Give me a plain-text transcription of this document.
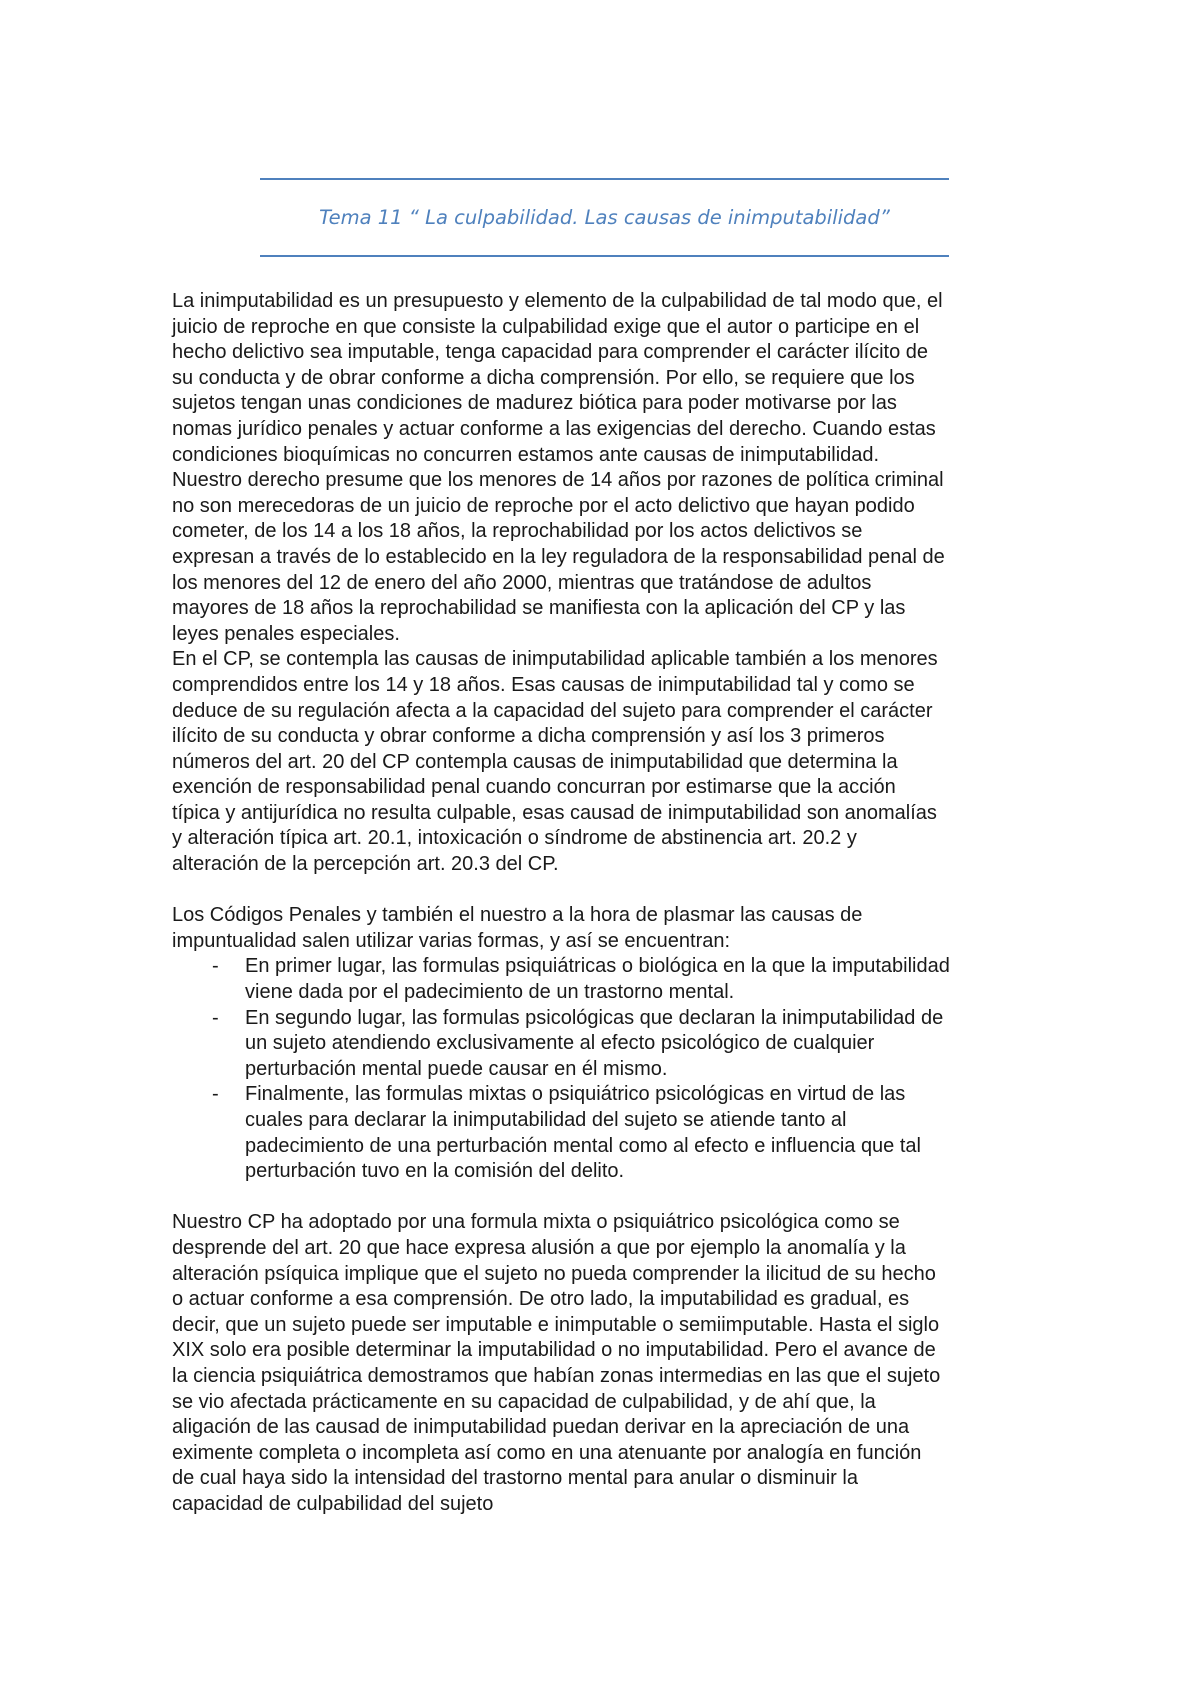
Tema 11 “ La culpabilidad. Las causas de inimputabilidad”

La inimputabilidad es un presupuesto y elemento de la culpabilidad de tal modo que, el
juicio de reproche en que consiste la culpabilidad exige que el autor o participe en el
hecho delictivo sea imputable, tenga capacidad para comprender el carácter ilícito de
su conducta y de obrar conforme a dicha comprensión. Por ello, se requiere que los
sujetos tengan unas condiciones de madurez biótica para poder motivarse por las
nomas jurídico penales y actuar conforme a las exigencias del derecho. Cuando estas
condiciones bioquímicas no concurren estamos ante causas de inimputabilidad.
Nuestro derecho presume que los menores de 14 años por razones de política criminal
no son merecedoras de un juicio de reproche por el acto delictivo que hayan podido
cometer, de los 14 a los 18 años, la reprochabilidad por los actos delictivos se
expresan a través de lo establecido en la ley reguladora de la responsabilidad penal de
los menores del 12 de enero del año 2000, mientras que tratándose de adultos
mayores de 18 años la reprochabilidad se manifiesta con la aplicación del CP y las
leyes penales especiales.
En el CP, se contempla las causas de inimputabilidad aplicable también a los menores
comprendidos entre los 14 y 18 años. Esas causas de inimputabilidad tal y como se
deduce de su regulación afecta a la capacidad del sujeto para comprender el carácter
ilícito de su conducta y obrar conforme a dicha comprensión y así los 3 primeros
números del art. 20 del CP contempla causas de inimputabilidad que determina la
exención de responsabilidad penal cuando concurran por estimarse que la acción
típica y antijurídica no resulta culpable, esas causad de inimputabilidad son anomalías
y alteración típica art. 20.1, intoxicación o síndrome de abstinencia art. 20.2 y
alteración de la percepción art. 20.3 del CP.
Los Códigos Penales y también el nuestro a la hora de plasmar las causas de
impuntualidad salen utilizar varias formas, y así se encuentran:
- En primer lugar, las formulas psiquiátricas o biológica en la que la imputabilidad
viene dada por el padecimiento de un trastorno mental.
- En segundo lugar, las formulas psicológicas que declaran la inimputabilidad de
un sujeto atendiendo exclusivamente al efecto psicológico de cualquier
perturbación mental puede causar en él mismo.
- Finalmente, las formulas mixtas o psiquiátrico psicológicas en virtud de las
cuales para declarar la inimputabilidad del sujeto se atiende tanto al
padecimiento de una perturbación mental como al efecto e influencia que tal
perturbación tuvo en la comisión del delito.
Nuestro CP ha adoptado por una formula mixta o psiquiátrico psicológica como se
desprende del art. 20 que hace expresa alusión a que por ejemplo la anomalía y la
alteración psíquica implique que el sujeto no pueda comprender la ilicitud de su hecho
o actuar conforme a esa comprensión. De otro lado, la imputabilidad es gradual, es
decir, que un sujeto puede ser imputable e inimputable o semiimputable. Hasta el siglo
XIX solo era posible determinar la imputabilidad o no imputabilidad. Pero el avance de
la ciencia psiquiátrica demostramos que habían zonas intermedias en las que el sujeto
se vio afectada prácticamente en su capacidad de culpabilidad, y de ahí que, la
aligación de las causad de inimputabilidad puedan derivar en la apreciación de una
eximente completa o incompleta así como en una atenuante por analogía en función
de cual haya sido la intensidad del trastorno mental para anular o disminuir la
capacidad de culpabilidad del sujeto
